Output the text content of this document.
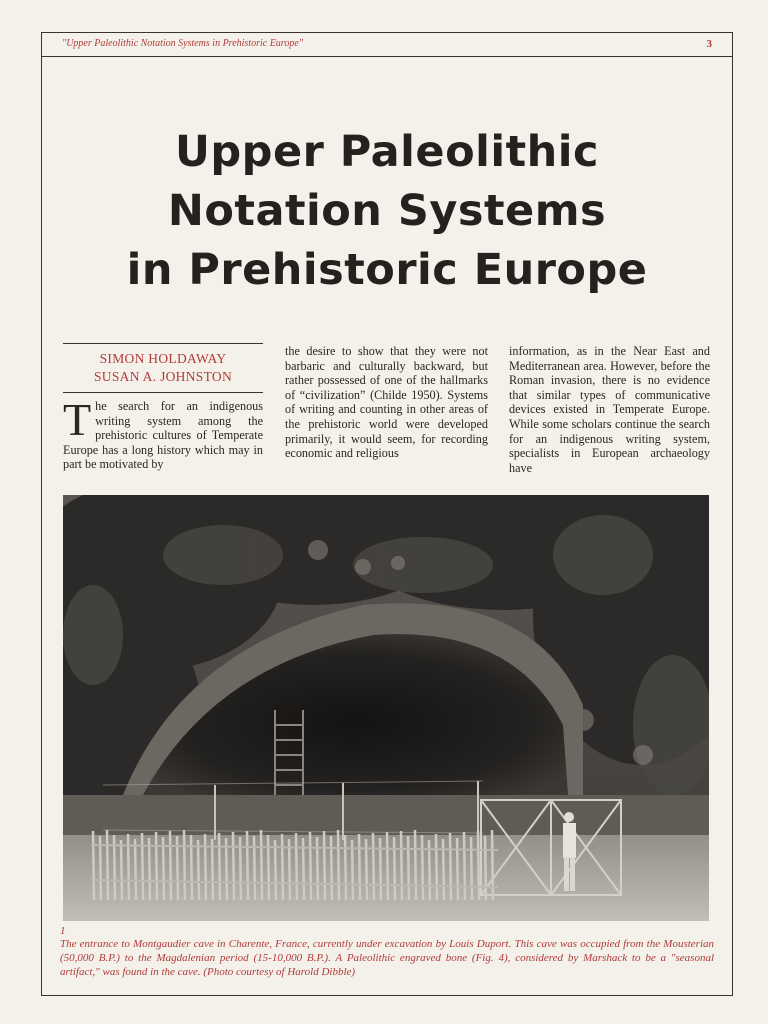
"Upper Paleolithic Notation Systems in Prehistoric Europe"	3
Upper Paleolithic
Notation Systems
in Prehistoric Europe
SIMON HOLDAWAY
SUSAN A. JOHNSTON
The search for an indigenous writing system among the prehistoric cultures of Temperate Europe has a long history which may in part be motivated by
the desire to show that they were not barbaric and culturally backward, but rather possessed of one of the hallmarks of “civilization” (Childe 1950). Systems of writing and counting in other areas of the prehistoric world were developed primarily, it would seem, for recording economic and religious
information, as in the Near East and Mediterranean area. However, before the Roman invasion, there is no evidence that similar types of communicative devices existed in Temperate Europe. While some scholars continue the search for an indigenous writing system, specialists in European archaeology have
1
The entrance to Montgaudier cave in Charente, France, currently under excavation by Louis Duport. This cave was occupied from the Mousterian (50,000 B.P.) to the Magdalenian period (15-10,000 B.P.). A Paleolithic engraved bone (Fig. 4), considered by Marshack to be a "seasonal artifact," was found in the cave. (Photo courtesy of Harold Dibble)
